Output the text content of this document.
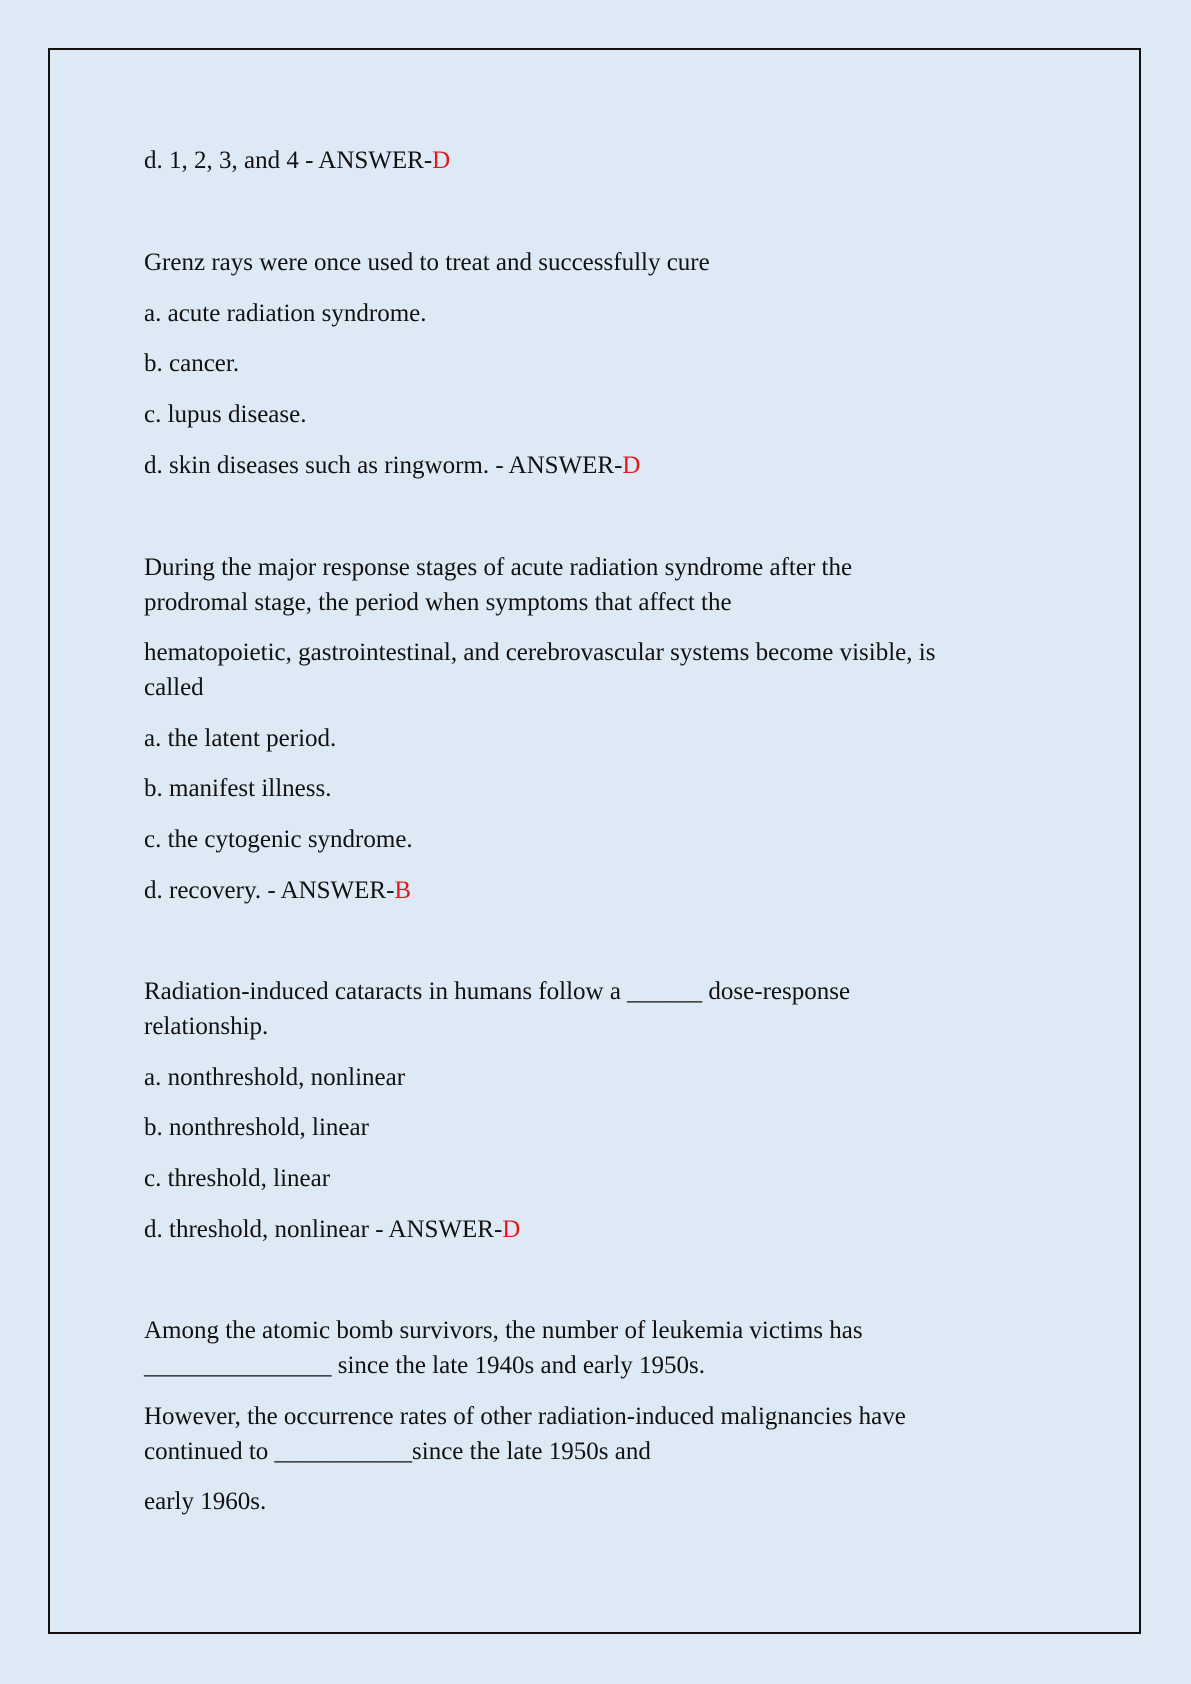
d. 1, 2, 3, and 4 - ANSWER-D
Grenz rays were once used to treat and successfully cure
a. acute radiation syndrome.
b. cancer.
c. lupus disease.
d. skin diseases such as ringworm. - ANSWER-D
During the major response stages of acute radiation syndrome after the
prodromal stage, the period when symptoms that affect the
hematopoietic, gastrointestinal, and cerebrovascular systems become visible, is
called
a. the latent period.
b. manifest illness.
c. the cytogenic syndrome.
d. recovery. - ANSWER-B
Radiation-induced cataracts in humans follow a ______ dose-response
relationship.
a. nonthreshold, nonlinear
b. nonthreshold, linear
c. threshold, linear
d. threshold, nonlinear - ANSWER-D
Among the atomic bomb survivors, the number of leukemia victims has
_______________ since the late 1940s and early 1950s.
However, the occurrence rates of other radiation-induced malignancies have
continued to ___________since the late 1950s and
early 1960s.
